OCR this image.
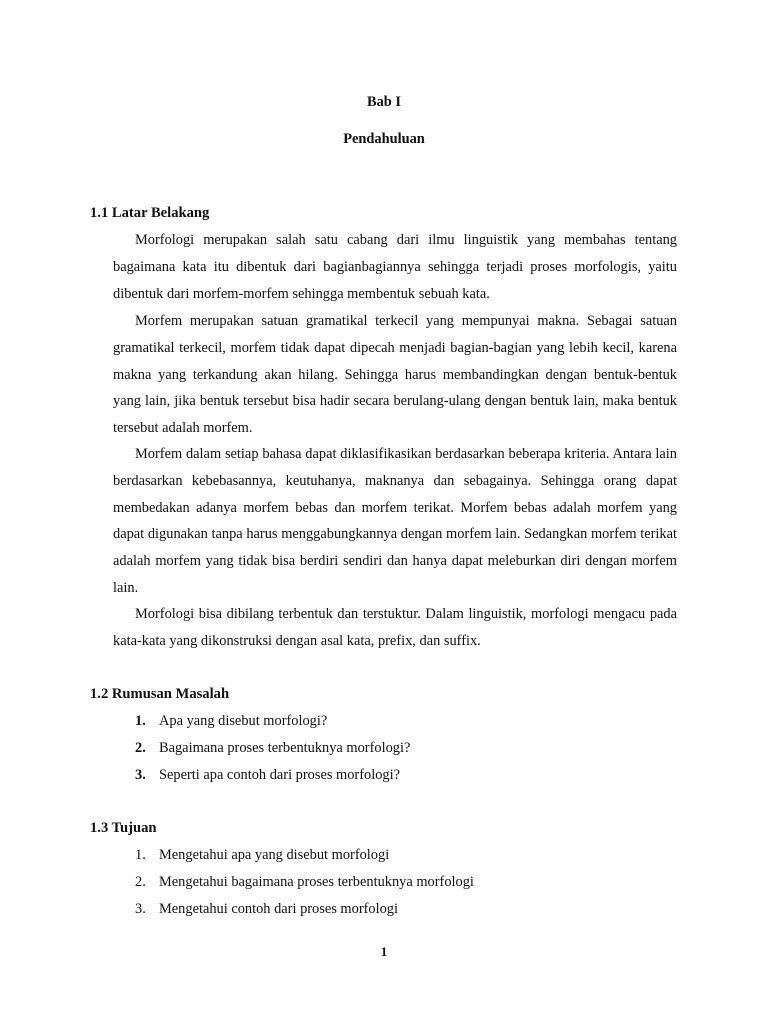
Bab I
Pendahuluan
1.1 Latar Belakang

Morfologi merupakan salah satu cabang dari ilmu linguistik yang membahas tentang bagaimana kata itu dibentuk dari bagianbagiannya sehingga terjadi proses morfologis, yaitu dibentuk dari morfem-morfem sehingga membentuk sebuah kata.

Morfem merupakan satuan gramatikal terkecil yang mempunyai makna. Sebagai satuan gramatikal terkecil, morfem tidak dapat dipecah menjadi bagian-bagian yang lebih kecil, karena makna yang terkandung akan hilang. Sehingga harus membandingkan dengan bentuk-bentuk yang lain, jika bentuk tersebut bisa hadir secara berulang-ulang dengan bentuk lain, maka bentuk tersebut adalah morfem.

Morfem dalam setiap bahasa dapat diklasifikasikan berdasarkan beberapa kriteria. Antara lain berdasarkan kebebasannya, keutuhanya, maknanya dan sebagainya. Sehingga orang dapat membedakan adanya morfem bebas dan morfem terikat. Morfem bebas adalah morfem yang dapat digunakan tanpa harus menggabungkannya dengan morfem lain. Sedangkan morfem terikat adalah morfem yang tidak bisa berdiri sendiri dan hanya dapat meleburkan diri dengan morfem lain.

Morfologi bisa dibilang terbentuk dan terstuktur. Dalam linguistik, morfologi mengacu pada kata-kata yang dikonstruksi dengan asal kata, prefix, dan suffix.

1.2 Rumusan Masalah
1. Apa yang disebut morfologi?
2. Bagaimana proses terbentuknya morfologi?
3. Seperti apa contoh dari proses morfologi?
1.3 Tujuan
1. Mengetahui apa yang disebut morfologi
2. Mengetahui bagaimana proses terbentuknya morfologi
3. Mengetahui contoh dari proses morfologi
1
